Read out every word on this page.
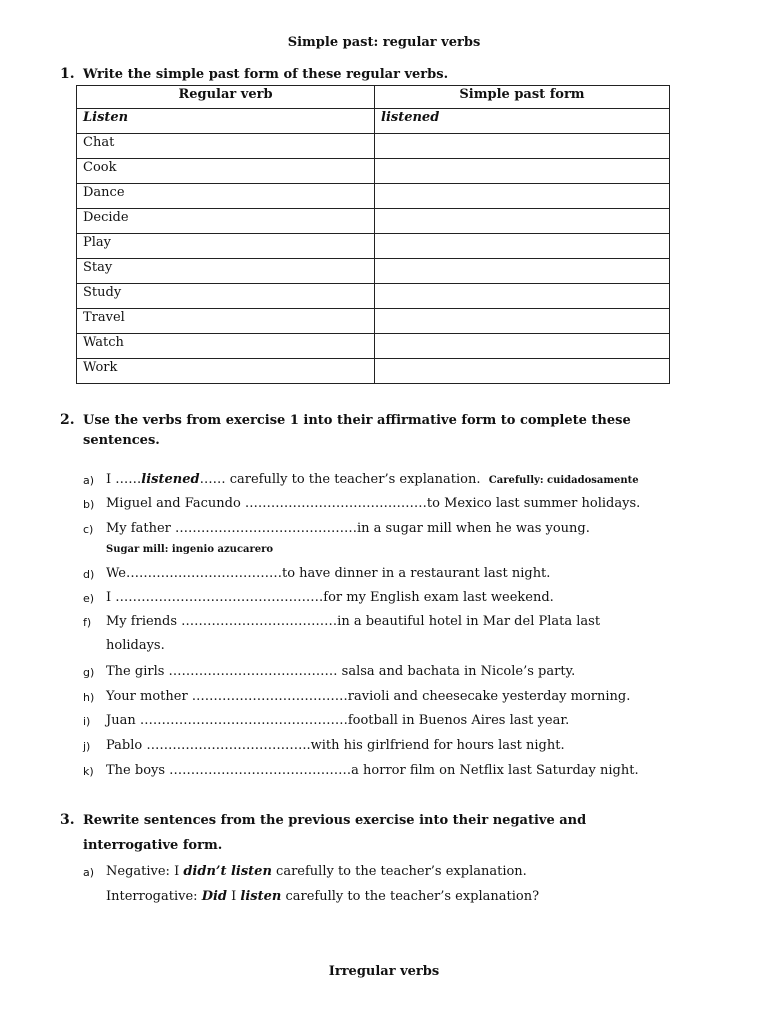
Simple past: regular verbs
1. Write the simple past form of these regular verbs.
Regular verb	Simple past form
Listen	listened
Chat	
Cook	
Dance	
Decide	
Play	
Stay	
Study	
Travel	
Watch	
Work	
2. Use the verbs from exercise 1 into their affirmative form to complete these
sentences.
a) I ……listened…… carefully to the teacher’s explanation. Carefully: cuidadosamente
b) Miguel and Facundo ……………………………………to Mexico last summer holidays.
c) My father ……………………………………in a sugar mill when he was young.
Sugar mill: ingenio azucarero
d) We………………………………to have dinner in a restaurant last night.
e) I …………………………………………for my English exam last weekend.
f) My friends ………………………………in a beautiful hotel in Mar del Plata last
holidays.
g) The girls ………………………………… salsa and bachata in Nicole’s party.
h) Your mother ………………………………ravioli and cheesecake yesterday morning.
i) Juan …………………………………………football in Buenos Aires last year.
j) Pablo ………………………………..with his girlfriend for hours last night.
k) The boys ……………………………………a horror film on Netflix last Saturday night.
3. Rewrite sentences from the previous exercise into their negative and
interrogative form.
a) Negative: I didn’t listen carefully to the teacher’s explanation.
Interrogative: Did I listen carefully to the teacher’s explanation?
Irregular verbs
